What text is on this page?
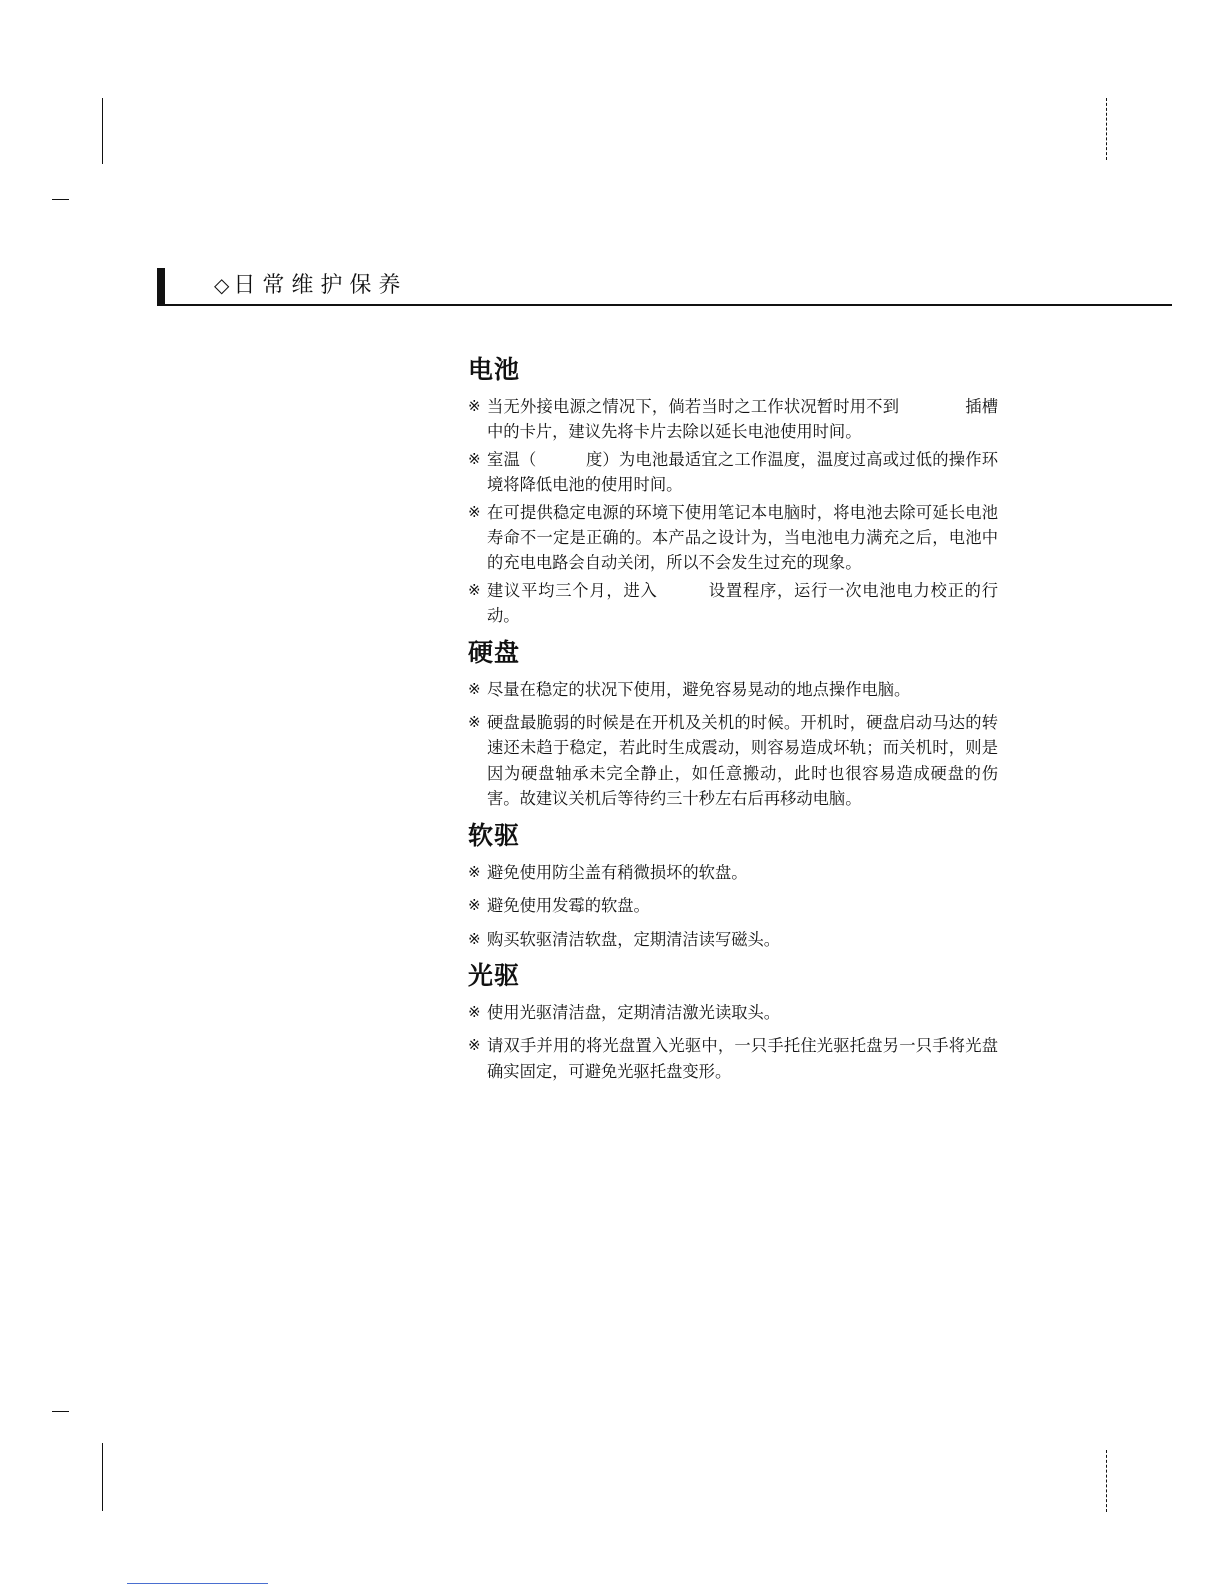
◇日常维护保养
电池
※ 当无外接电源之情况下，倘若当时之工作状况暂时用不到　　　　插槽中的卡片，建议先将卡片去除以延长电池使用时间。
※ 室温（　　　度）为电池最适宜之工作温度，温度过高或过低的操作环境将降低电池的使用时间。
※ 在可提供稳定电源的环境下使用笔记本电脑时，将电池去除可延长电池寿命不一定是正确的。本产品之设计为，当电池电力满充之后，电池中的充电电路会自动关闭，所以不会发生过充的现象。
※ 建议平均三个月，进入　　　设置程序，运行一次电池电力校正的行动。
硬盘
※ 尽量在稳定的状况下使用，避免容易晃动的地点操作电脑。
※ 硬盘最脆弱的时候是在开机及关机的时候。开机时，硬盘启动马达的转速还未趋于稳定，若此时生成震动，则容易造成坏轨；而关机时，则是因为硬盘轴承未完全静止，如任意搬动，此时也很容易造成硬盘的伤害。故建议关机后等待约三十秒左右后再移动电脑。
软驱
※ 避免使用防尘盖有稍微损坏的软盘。
※ 避免使用发霉的软盘。
※ 购买软驱清洁软盘，定期清洁读写磁头。
光驱
※ 使用光驱清洁盘，定期清洁激光读取头。
※ 请双手并用的将光盘置入光驱中，一只手托住光驱托盘另一只手将光盘确实固定，可避免光驱托盘变形。
